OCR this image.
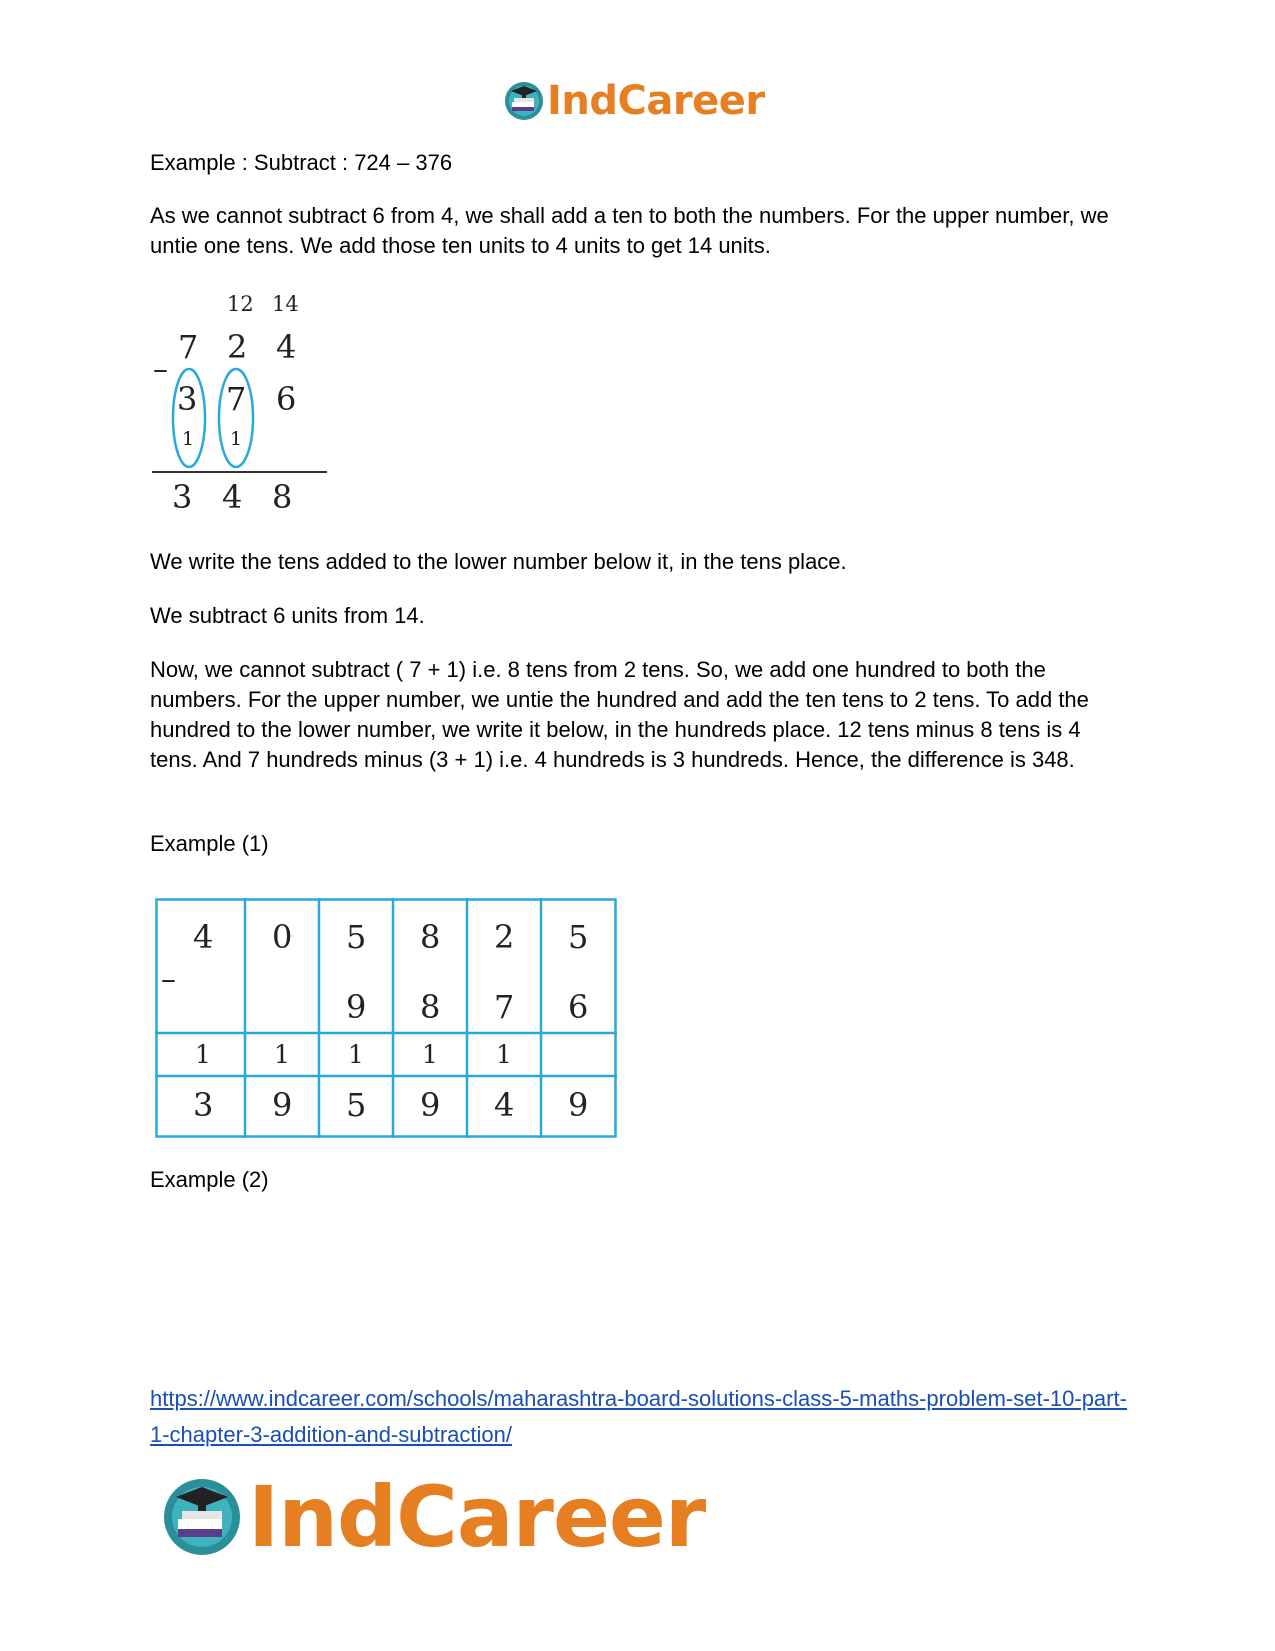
IndCareer

Example : Subtract : 724 – 376

As we cannot subtract 6 from 4, we shall add a ten to both the numbers. For the upper number, we untie one tens. We add those ten units to 4 units to get 14 units.

12 14
7 2 4
–
3 7 6
1 1
3 4 8

We write the tens added to the lower number below it, in the tens place.

We subtract 6 units from 14.

Now, we cannot subtract ( 7 + 1) i.e. 8 tens from 2 tens. So, we add one hundred to both the numbers. For the upper number, we untie the hundred and add the ten tens to 2 tens. To add the hundred to the lower number, we write it below, in the hundreds place. 12 tens minus 8 tens is 4 tens. And 7 hundreds minus (3 + 1) i.e. 4 hundreds is 3 hundreds. Hence, the difference is 348.

Example (1)

4 0 5 8 2 5
–
9 8 7 6
1	1 1 1 1
3 9 5 9 4 9

Example (2)

https://www.indcareer.com/schools/maharashtra-board-solutions-class-5-maths-problem-set-10-part-1-chapter-3-addition-and-subtraction/

IndCareer
